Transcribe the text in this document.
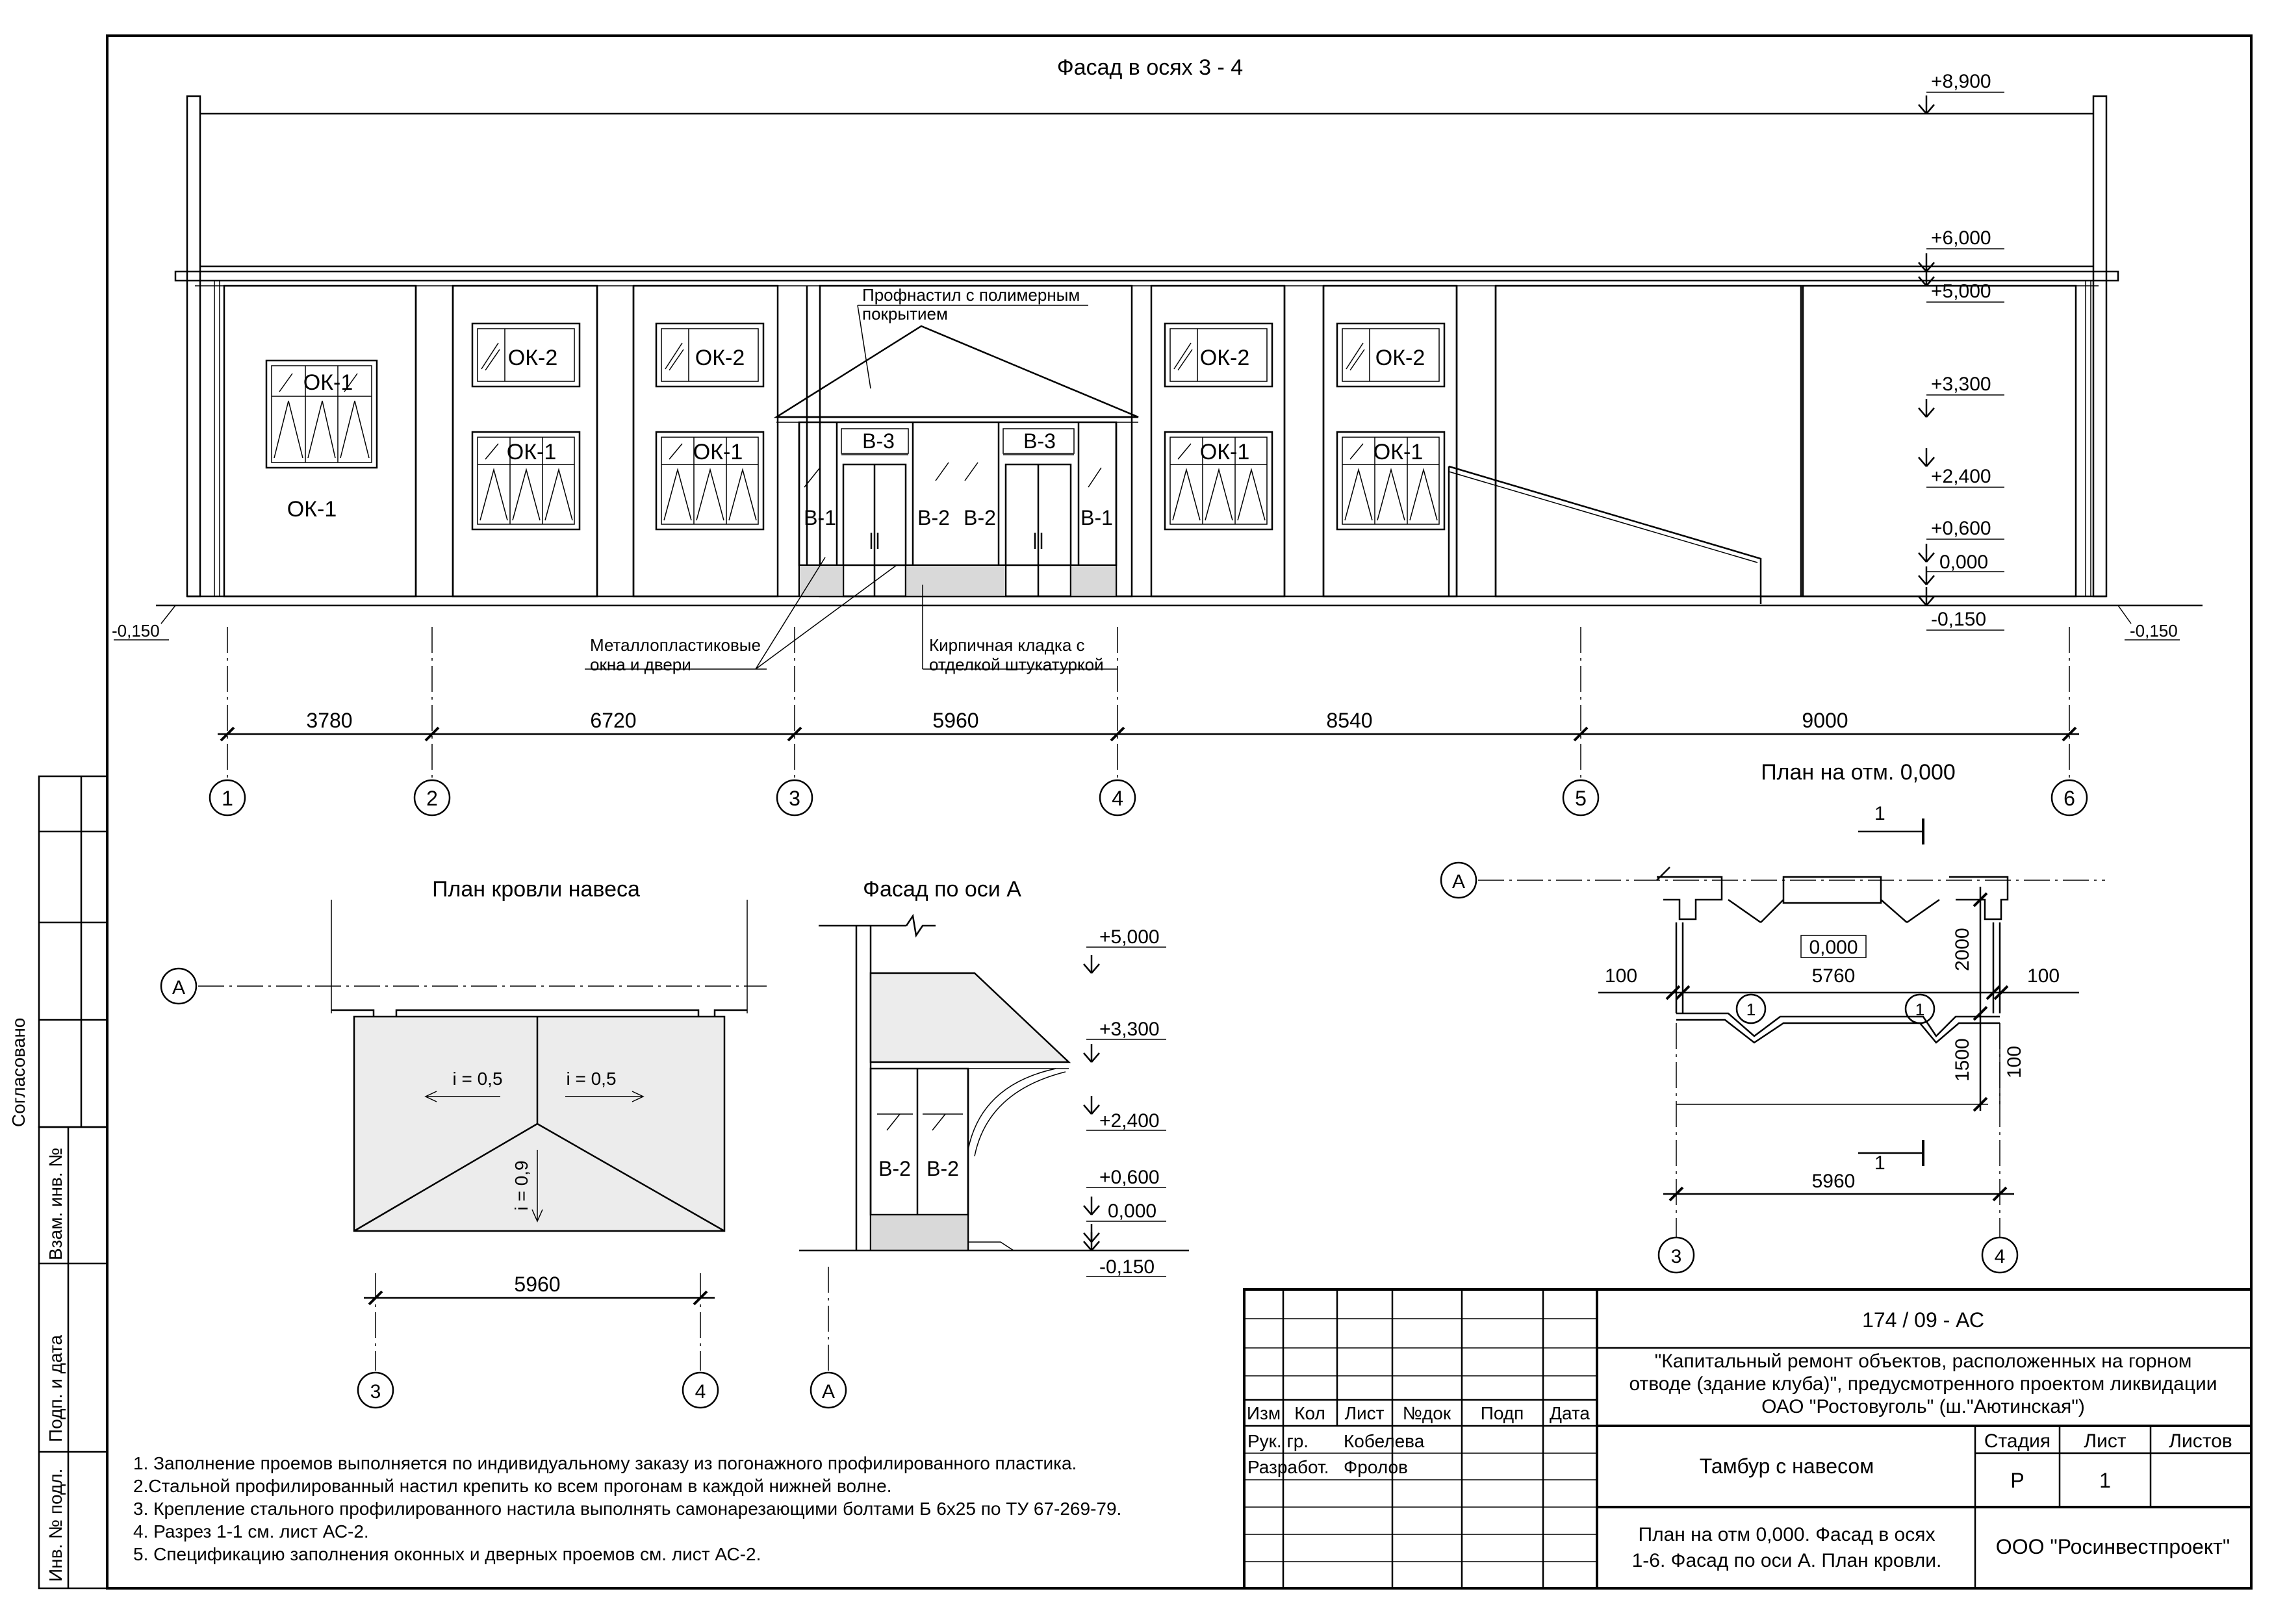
Согласовано
Взам. инв. №
Подп. и дата
Инв. № подл.
Фасад в осях 3 - 4
ОК-1
ОК-1
ОК-2	ОК-2	ОК-2	ОК-2
ОК-1	ОК-1	ОК-1	ОК-1
В-3	В-3
В-1	В-2 В-2	В-1
Профнастил с полимерным
покрытием
Металлопластиковые
окна и двери
Кирпичная кладка с
отделкой штукатуркой
-0,150	-0,150
+8,900
+6,000
+5,000
+3,300
+2,400
+0,600
0,000
-0,150
3780	6720	5960	8540	9000
1	2	3	4	5	6
План на отм. 0,000
А
1
1
0,000
1	1
100	5760	100
2000
1500 100
5960
3	4
План кровли навеса
А
i = 0,5	i = 0,5
i = 0,9
5960
3	4
Фасад по оси А
В-2 В-2
+5,000
+3,300
+2,400
+0,600
0,000
-0,150
А
1. Заполнение проемов выполняется по индивидуальному заказу из погонажного профилированного пластика.
2.Стальной профилированный настил крепить ко всем прогонам в каждой нижней волне.
3. Крепление стального профилированного настила выполнять самонарезающими болтами Б 6х25 по ТУ 67-269-79.
4. Разрез 1-1 см. лист АС-2.
5. Спецификацию заполнения оконных и дверных проемов см. лист АС-2.
Изм Кол Лист №док Подп Дата
Рук. гр. Кобелева
Разработ. Фролов
174 / 09 - АС
"Капитальный ремонт объектов, расположенных на горном
отводе (здание клуба)", предусмотренного проектом ликвидации
ОАО "Ростовуголь" (ш."Аютинская")
Тамбур с навесом
Стадия Лист Листов
Р	1
План на отм 0,000. Фасад в осях
1-6. Фасад по оси А. План кровли.
ООО "Росинвестпроект"
